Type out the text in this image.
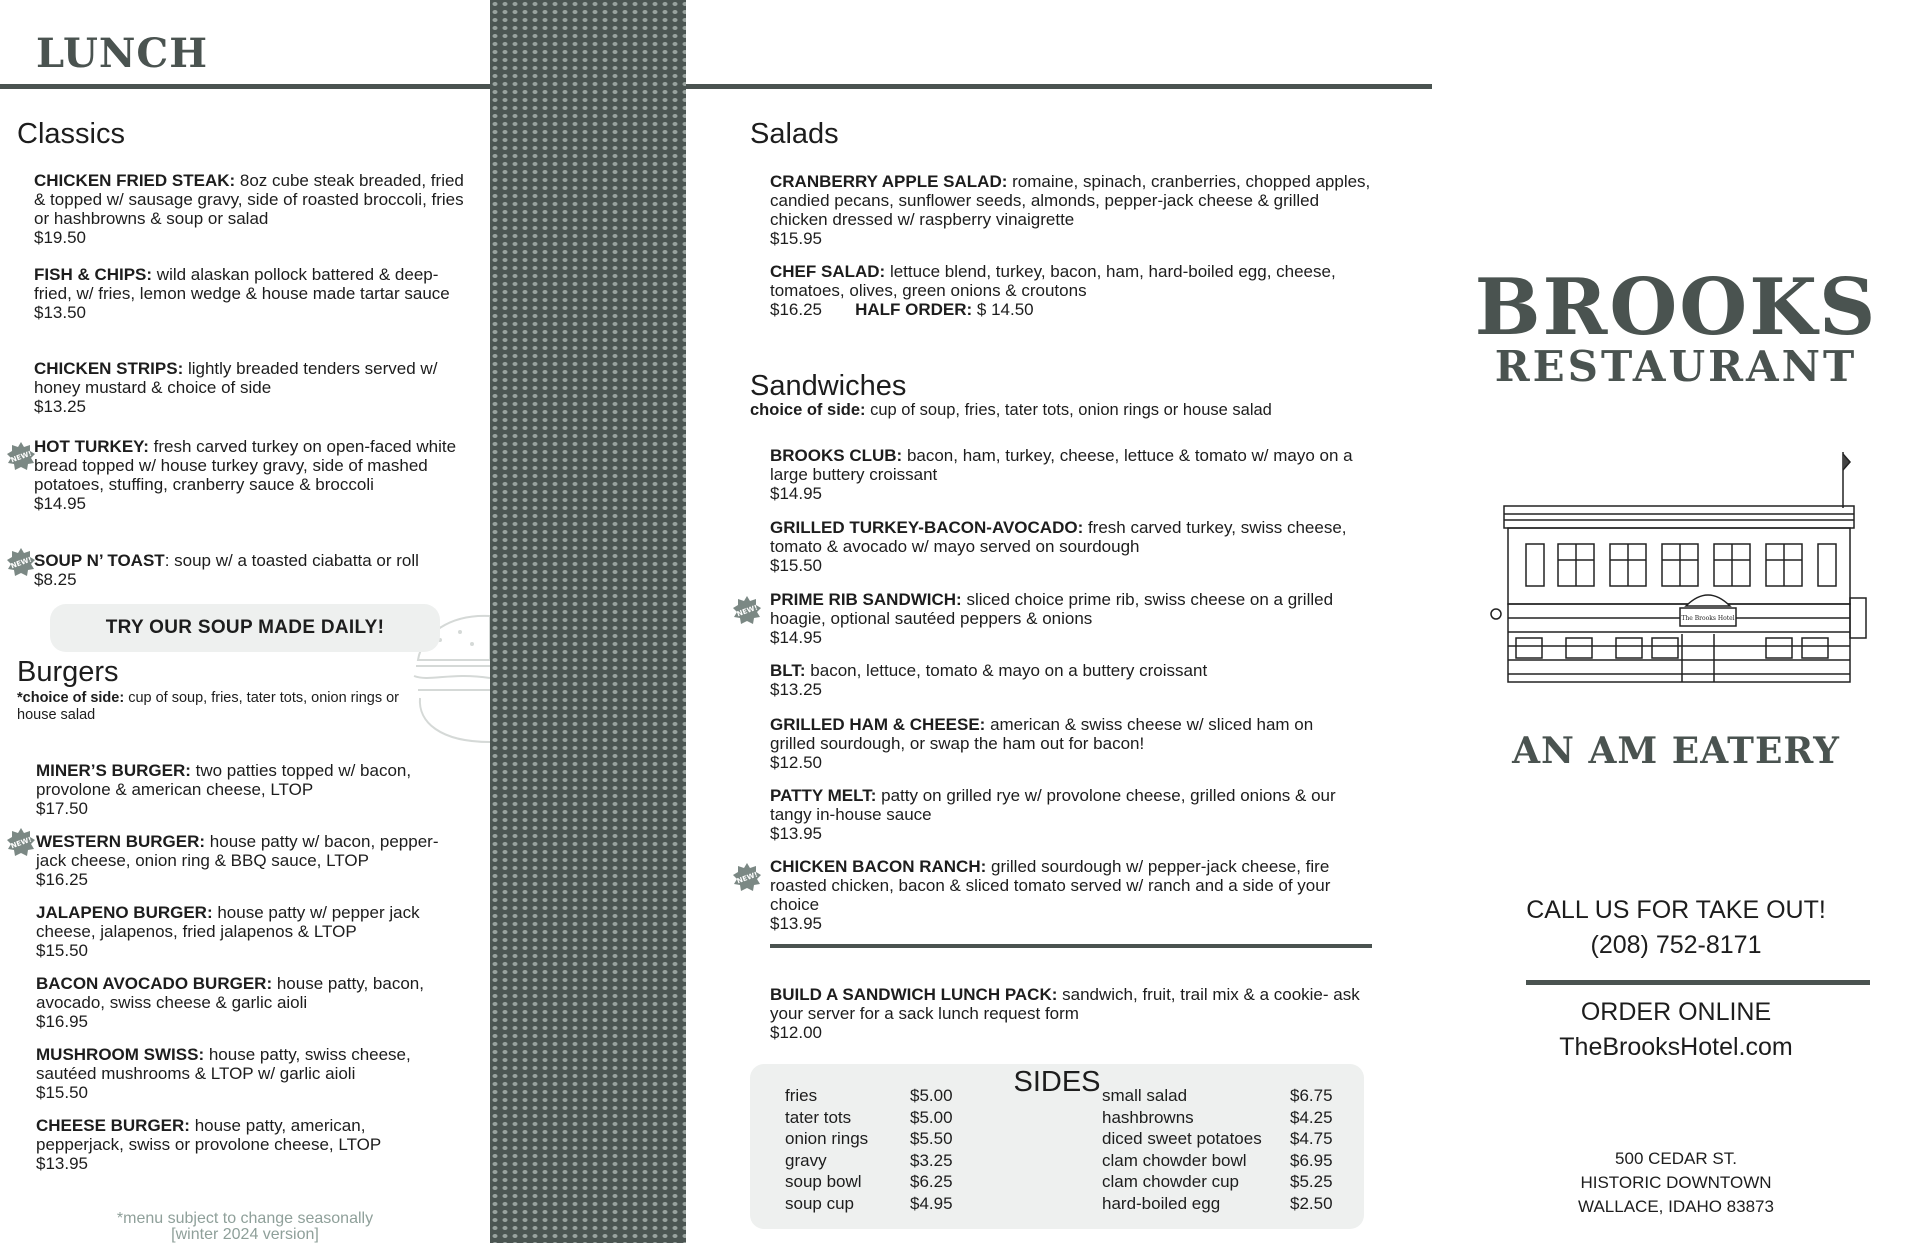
LUNCH
Classics
CHICKEN FRIED STEAK: 8oz cube steak breaded, fried & topped w/ sausage gravy, side of roasted broccoli, fries or hashbrowns & soup or salad
$19.50
FISH & CHIPS: wild alaskan pollock battered & deep-fried, w/ fries, lemon wedge & house made tartar sauce
$13.50
CHICKEN STRIPS: lightly breaded tenders served w/ honey mustard & choice of side
$13.25
NEW!
HOT TURKEY: fresh carved turkey on open-faced white bread topped w/ house turkey gravy, side of mashed potatoes, stuffing, cranberry sauce & broccoli
$14.95
NEW! SOUP N’ TOAST: soup w/ a toasted ciabatta or roll
$8.25
TRY OUR SOUP MADE DAILY!
Burgers
*choice of side: cup of soup, fries, tater tots, onion rings or house salad
MINER’S BURGER: two patties topped w/ bacon, provolone & american cheese, LTOP
$17.50
NEW! WESTERN BURGER: house patty w/ bacon, pepper-jack cheese, onion ring & BBQ sauce, LTOP
$16.25
JALAPENO BURGER: house patty w/ pepper jack cheese, jalapenos, fried jalapenos & LTOP
$15.50
BACON AVOCADO BURGER: house patty, bacon, avocado, swiss cheese & garlic aioli
$16.95
MUSHROOM SWISS: house patty, swiss cheese, sautéed mushrooms & LTOP w/ garlic aioli
$15.50
CHEESE BURGER: house patty, american, pepperjack, swiss or provolone cheese, LTOP
$13.95
*menu subject to change seasonally
[winter 2024 version]
Salads
CRANBERRY APPLE SALAD: romaine, spinach, cranberries, chopped apples, candied pecans, sunflower seeds, almonds, pepper-jack cheese & grilled chicken dressed w/ raspberry vinaigrette
$15.95
CHEF SALAD: lettuce blend, turkey, bacon, ham, hard-boiled egg, cheese, tomatoes, olives, green onions & croutons
$16.25 HALF ORDER: $ 14.50
Sandwiches
choice of side: cup of soup, fries, tater tots, onion rings or house salad
BROOKS CLUB: bacon, ham, turkey, cheese, lettuce & tomato w/ mayo on a large buttery croissant
$14.95
GRILLED TURKEY-BACON-AVOCADO: fresh carved turkey, swiss cheese, tomato & avocado w/ mayo served on sourdough
$15.50
NEW!
PRIME RIB SANDWICH: sliced choice prime rib, swiss cheese on a grilled hoagie, optional sautéed peppers & onions
$14.95
BLT: bacon, lettuce, tomato & mayo on a buttery croissant
$13.25
GRILLED HAM & CHEESE: american & swiss cheese w/ sliced ham on grilled sourdough, or swap the ham out for bacon!
$12.50
PATTY MELT: patty on grilled rye w/ provolone cheese, grilled onions & our tangy in-house sauce
$13.95
NEW!
CHICKEN BACON RANCH: grilled sourdough w/ pepper-jack cheese, fire roasted chicken, bacon & sliced tomato served w/ ranch and a side of your choice
$13.95
BUILD A SANDWICH LUNCH PACK: sandwich, fruit, trail mix & a cookie- ask your server for a sack lunch request form
$12.00
SIDES
fries
tater tots
onion rings
gravy
soup bowl
soup cup
$5.00
$5.00
$5.50
$3.25
$6.25
$4.95
small salad
hashbrowns
diced sweet potatoes
clam chowder bowl
clam chowder cup
hard-boiled egg
$6.75
$4.25
$4.75
$6.95
$5.25
$2.50
BROOKS
RESTAURANT
The Brooks Hotel
AN AM EATERY
CALL US FOR TAKE OUT!
(208) 752-8171
ORDER ONLINE
TheBrooksHotel.com
500 CEDAR ST.
HISTORIC DOWNTOWN
WALLACE, IDAHO 83873
